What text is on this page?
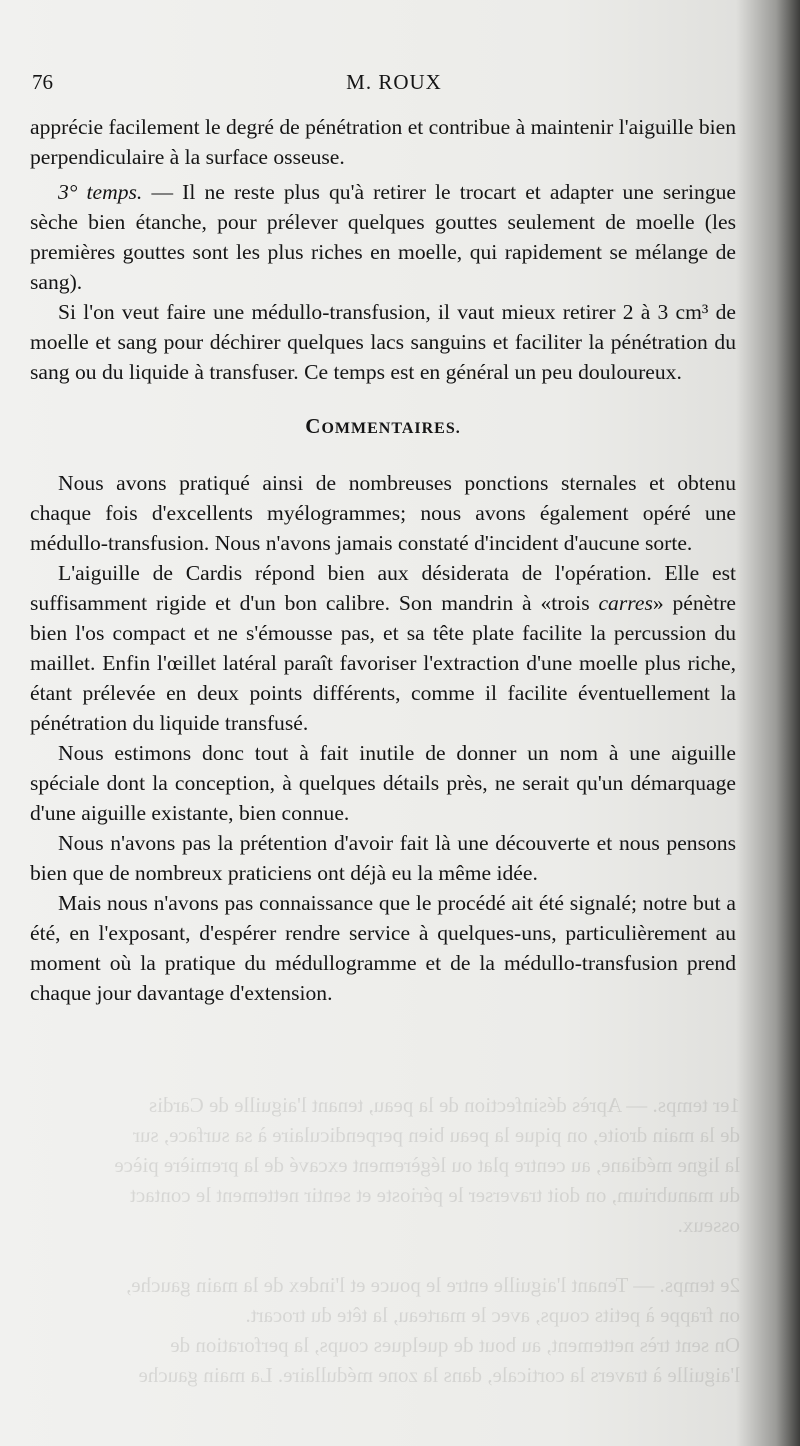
1er temps. — Après désinfection de la peau, tenant l'aiguille de Cardis
de la main droite, on pique la peau bien perpendiculaire à sa surface, sur
la ligne médiane, au centre plat ou légèrement excavé de la première pièce
du manubrium, on doit traverser le périoste et sentir nettement le contact
osseux.
2e temps. — Tenant l'aiguille entre le pouce et l'index de la main gauche,
on frappe à petits coups, avec le marteau, la tête du trocart.
On sent très nettement, au bout de quelques coups, la perforation de
l'aiguille à travers la corticale, dans la zone médullaire. La main gauche
76	M. ROUX

apprécie facilement le degré de pénétration et contribue à maintenir l'aiguille bien perpendiculaire à la surface osseuse.

3° temps. — Il ne reste plus qu'à retirer le trocart et adapter une seringue sèche bien étanche, pour prélever quelques gouttes seulement de moelle (les premières gouttes sont les plus riches en moelle, qui rapidement se mélange de sang).

Si l'on veut faire une médullo-transfusion, il vaut mieux retirer 2 à 3 cm³ de moelle et sang pour déchirer quelques lacs sanguins et faciliter la pénétration du sang ou du liquide à transfuser. Ce temps est en général un peu douloureux.

COMMENTAIRES.

Nous avons pratiqué ainsi de nombreuses ponctions sternales et obtenu chaque fois d'excellents myélogrammes; nous avons également opéré une médullo-transfusion. Nous n'avons jamais constaté d'incident d'aucune sorte.

L'aiguille de Cardis répond bien aux désiderata de l'opération. Elle est suffisamment rigide et d'un bon calibre. Son mandrin à «trois carres» pénètre bien l'os compact et ne s'émousse pas, et sa tête plate facilite la percussion du maillet. Enfin l'œillet latéral paraît favoriser l'extraction d'une moelle plus riche, étant prélevée en deux points différents, comme il facilite éventuellement la pénétration du liquide transfusé.

Nous estimons donc tout à fait inutile de donner un nom à une aiguille spéciale dont la conception, à quelques détails près, ne serait qu'un démarquage d'une aiguille existante, bien connue.

Nous n'avons pas la prétention d'avoir fait là une découverte et nous pensons bien que de nombreux praticiens ont déjà eu la même idée.

Mais nous n'avons pas connaissance que le procédé ait été signalé; notre but a été, en l'exposant, d'espérer rendre service à quelques-uns, particulièrement au moment où la pratique du médullogramme et de la médullo-transfusion prend chaque jour davantage d'extension.
